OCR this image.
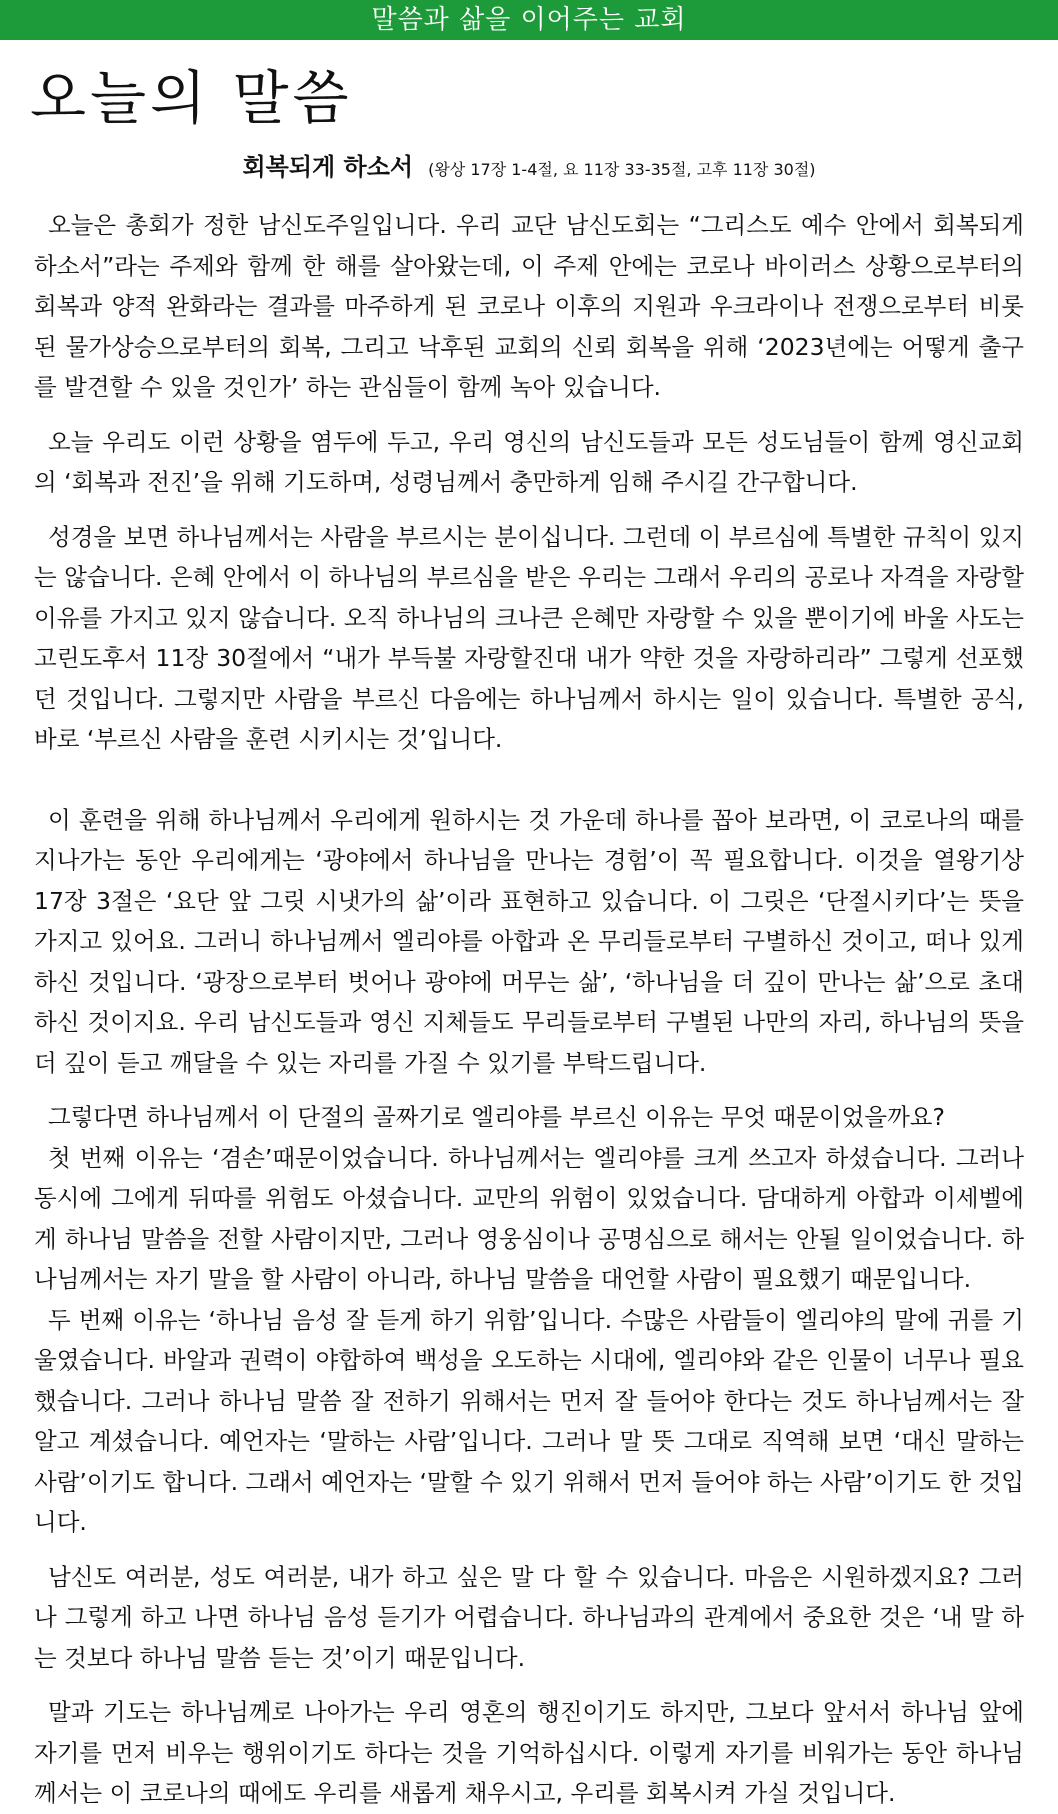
말씀과 삶을 이어주는 교회
오늘의 말씀
회복되게 하소서 (왕상 17장 1-4절, 요 11장 33-35절, 고후 11장 30절)

오늘은 총회가 정한 남신도주일입니다. 우리 교단 남신도회는 “그리스도 예수 안에서 회복되게 하소서”라는 주제와 함께 한 해를 살아왔는데, 이 주제 안에는 코로나 바이러스 상황으로부터의 회복과 양적 완화라는 결과를 마주하게 된 코로나 이후의 지원과 우크라이나 전쟁으로부터 비롯된 물가상승으로부터의 회복, 그리고 낙후된 교회의 신뢰 회복을 위해 ‘2023년에는 어떻게 출구를 발견할 수 있을 것인가’ 하는 관심들이 함께 녹아 있습니다.

오늘 우리도 이런 상황을 염두에 두고, 우리 영신의 남신도들과 모든 성도님들이 함께 영신교회의 ‘회복과 전진’을 위해 기도하며, 성령님께서 충만하게 임해 주시길 간구합니다.

성경을 보면 하나님께서는 사람을 부르시는 분이십니다. 그런데 이 부르심에 특별한 규칙이 있지는 않습니다. 은혜 안에서 이 하나님의 부르심을 받은 우리는 그래서 우리의 공로나 자격을 자랑할 이유를 가지고 있지 않습니다. 오직 하나님의 크나큰 은혜만 자랑할 수 있을 뿐이기에 바울 사도는 고린도후서 11장 30절에서 “내가 부득불 자랑할진대 내가 약한 것을 자랑하리라” 그렇게 선포했던 것입니다. 그렇지만 사람을 부르신 다음에는 하나님께서 하시는 일이 있습니다. 특별한 공식, 바로 ‘부르신 사람을 훈련 시키시는 것’입니다.

이 훈련을 위해 하나님께서 우리에게 원하시는 것 가운데 하나를 꼽아 보라면, 이 코로나의 때를 지나가는 동안 우리에게는 ‘광야에서 하나님을 만나는 경험’이 꼭 필요합니다. 이것을 열왕기상 17장 3절은 ‘요단 앞 그릿 시냇가의 삶’이라 표현하고 있습니다. 이 그릿은 ‘단절시키다’는 뜻을 가지고 있어요. 그러니 하나님께서 엘리야를 아합과 온 무리들로부터 구별하신 것이고, 떠나 있게 하신 것입니다. ‘광장으로부터 벗어나 광야에 머무는 삶’, ‘하나님을 더 깊이 만나는 삶’으로 초대하신 것이지요. 우리 남신도들과 영신 지체들도 무리들로부터 구별된 나만의 자리, 하나님의 뜻을 더 깊이 듣고 깨달을 수 있는 자리를 가질 수 있기를 부탁드립니다.

그렇다면 하나님께서 이 단절의 골짜기로 엘리야를 부르신 이유는 무엇 때문이었을까요?

첫 번째 이유는 ‘겸손’때문이었습니다. 하나님께서는 엘리야를 크게 쓰고자 하셨습니다. 그러나 동시에 그에게 뒤따를 위험도 아셨습니다. 교만의 위험이 있었습니다. 담대하게 아합과 이세벨에게 하나님 말씀을 전할 사람이지만, 그러나 영웅심이나 공명심으로 해서는 안될 일이었습니다. 하나님께서는 자기 말을 할 사람이 아니라, 하나님 말씀을 대언할 사람이 필요했기 때문입니다.

두 번째 이유는 ‘하나님 음성 잘 듣게 하기 위함’입니다. 수많은 사람들이 엘리야의 말에 귀를 기울였습니다. 바알과 권력이 야합하여 백성을 오도하는 시대에, 엘리야와 같은 인물이 너무나 필요했습니다. 그러나 하나님 말씀 잘 전하기 위해서는 먼저 잘 들어야 한다는 것도 하나님께서는 잘 알고 계셨습니다. 예언자는 ‘말하는 사람’입니다. 그러나 말 뜻 그대로 직역해 보면 ‘대신 말하는 사람’이기도 합니다. 그래서 예언자는 ‘말할 수 있기 위해서 먼저 들어야 하는 사람’이기도 한 것입니다.

남신도 여러분, 성도 여러분, 내가 하고 싶은 말 다 할 수 있습니다. 마음은 시원하겠지요? 그러나 그렇게 하고 나면 하나님 음성 듣기가 어렵습니다. 하나님과의 관계에서 중요한 것은 ‘내 말 하는 것보다 하나님 말씀 듣는 것’이기 때문입니다.

말과 기도는 하나님께로 나아가는 우리 영혼의 행진이기도 하지만, 그보다 앞서서 하나님 앞에 자기를 먼저 비우는 행위이기도 하다는 것을 기억하십시다. 이렇게 자기를 비워가는 동안 하나님께서는 이 코로나의 때에도 우리를 새롭게 채우시고, 우리를 회복시켜 가실 것입니다.
